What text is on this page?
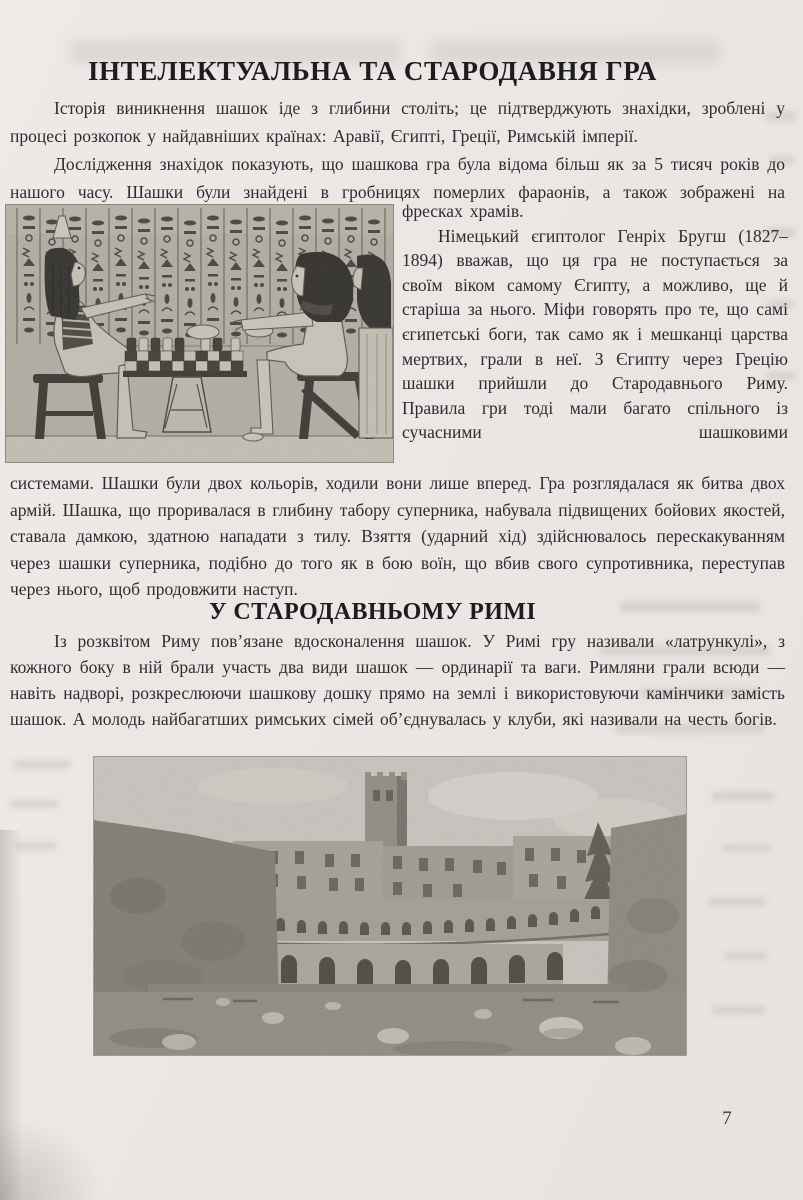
ІНТЕЛЕКТУАЛЬНА ТА СТАРОДАВНЯ ГРА

Історія виникнення шашок іде з глибини століть; це підтверджують знахідки, зроблені у процесі розкопок у найдавніших країнах: Аравії, Єгипті, Греції, Римській імперії.

Дослідження знахідок показують, що шашкова гра була відома більш як за 5 тисяч років до нашого часу. Шашки були знайдені в гробницях померлих фараонів, а також зображені на

фресках храмів.

Німецький єгиптолог Генріх Бругш (1827–1894) вважав, що ця гра не поступається за своїм віком самому Єгипту, а можливо, ще й старіша за нього. Міфи говорять про те, що самі єгипетські боги, так само як і мешканці царства мертвих, грали в неї. З Єгипту через Грецію шашки прийшли до Стародавнього Риму. Правила гри тоді мали багато спільного із сучасними шашковими

системами. Шашки були двох кольорів, ходили вони лише вперед. Гра розглядалася як битва двох армій. Шашка, що проривалася в глибину табору суперника, набувала підвищених бойових якостей, ставала дамкою, здатною нападати з тилу. Взяття (ударний хід) здійснювалось перескакуванням через шашки суперника, подібно до того як в бою воїн, що вбив свого супротивника, переступав через нього, щоб продовжити наступ.

У СТАРОДАВНЬОМУ РИМІ

Із розквітом Риму пов’язане вдосконалення шашок. У Римі гру називали «латрункулі», з кожного боку в ній брали участь два види шашок — ординарії та ваги. Римляни грали всюди — навіть надворі, розкреслюючи шашкову дошку прямо на землі і використовуючи камінчики замість шашок. А молодь найбагатших римських сімей об’єднувалась у клуби, які називали на честь богів.

7
